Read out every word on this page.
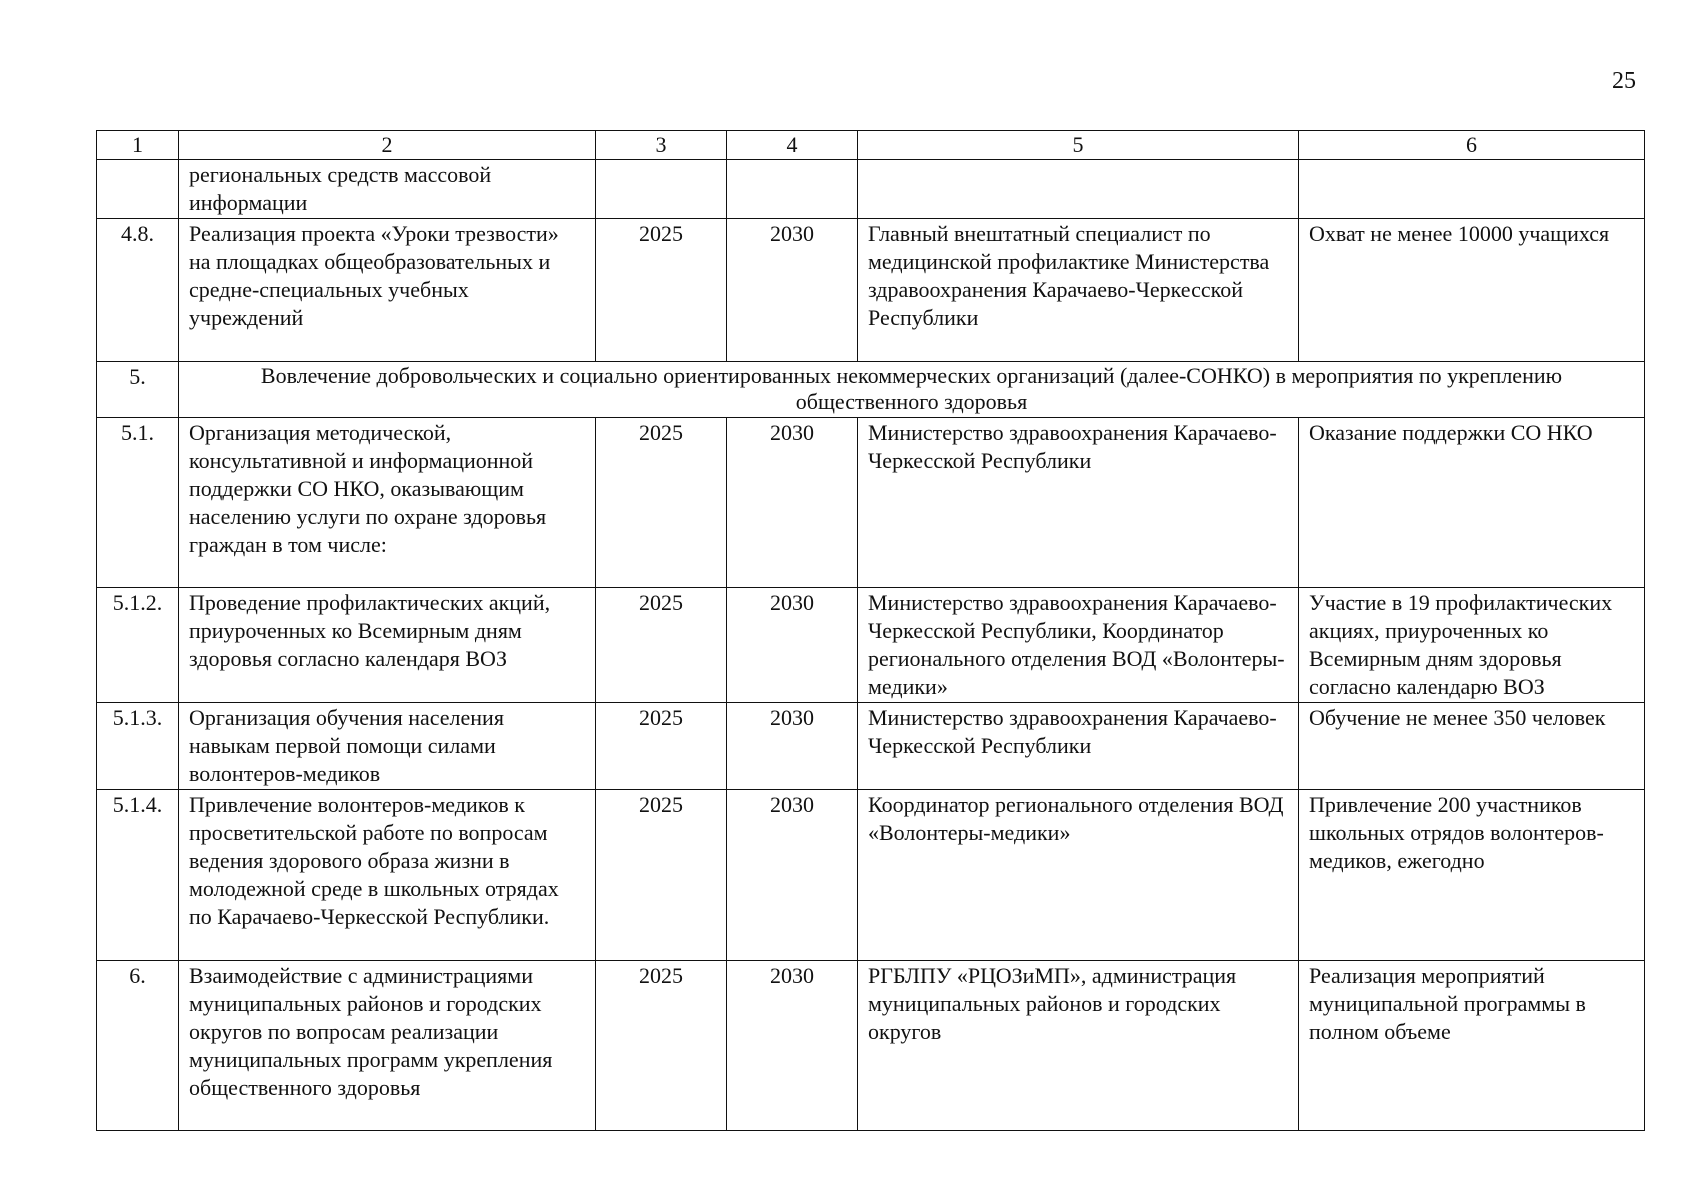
25
1	2	3	4	5	6
	региональных средств массовой информации				
4.8.	Реализация проекта «Уроки трезвости» на площадках общеобразовательных и средне-специальных учебных учреждений	2025	2030	Главный внештатный специалист по медицинской профилактике Министерства здравоохранения Карачаево-Черкесской Республики	Охват не менее 10000 учащихся
5.	Вовлечение добровольческих и социально ориентированных некоммерческих организаций (далее-СОНКО) в мероприятия по укреплению общественного здоровья				
5.1.	Организация методической, консультативной и информационной поддержки СО НКО, оказывающим населению услуги по охране здоровья граждан в том числе:	2025	2030	Министерство здравоохранения Карачаево-Черкесской Республики	Оказание поддержки СО НКО
5.1.2.	Проведение профилактических акций, приуроченных ко Всемирным дням здоровья согласно календаря ВОЗ	2025	2030	Министерство здравоохранения Карачаево-Черкесской Республики, Координатор регионального отделения ВОД «Волонтеры-медики»	Участие в 19 профилактических акциях, приуроченных ко Всемирным дням здоровья согласно календарю ВОЗ
5.1.3.	Организация обучения населения навыкам первой помощи силами волонтеров-медиков	2025	2030	Министерство здравоохранения Карачаево-Черкесской Республики	Обучение не менее 350 человек
5.1.4.	Привлечение волонтеров-медиков к просветительской работе по вопросам ведения здорового образа жизни в молодежной среде в школьных отрядах по Карачаево-Черкесской Республики.	2025	2030	Координатор регионального отделения ВОД «Волонтеры-медики»	Привлечение 200 участников школьных отрядов волонтеров-медиков, ежегодно
6.	Взаимодействие с администрациями муниципальных районов и городских округов по вопросам реализации муниципальных программ укрепления общественного здоровья	2025	2030	РГБЛПУ «РЦОЗиМП», администрация муниципальных районов и городских округов	Реализация мероприятий муниципальной программы в полном объеме
